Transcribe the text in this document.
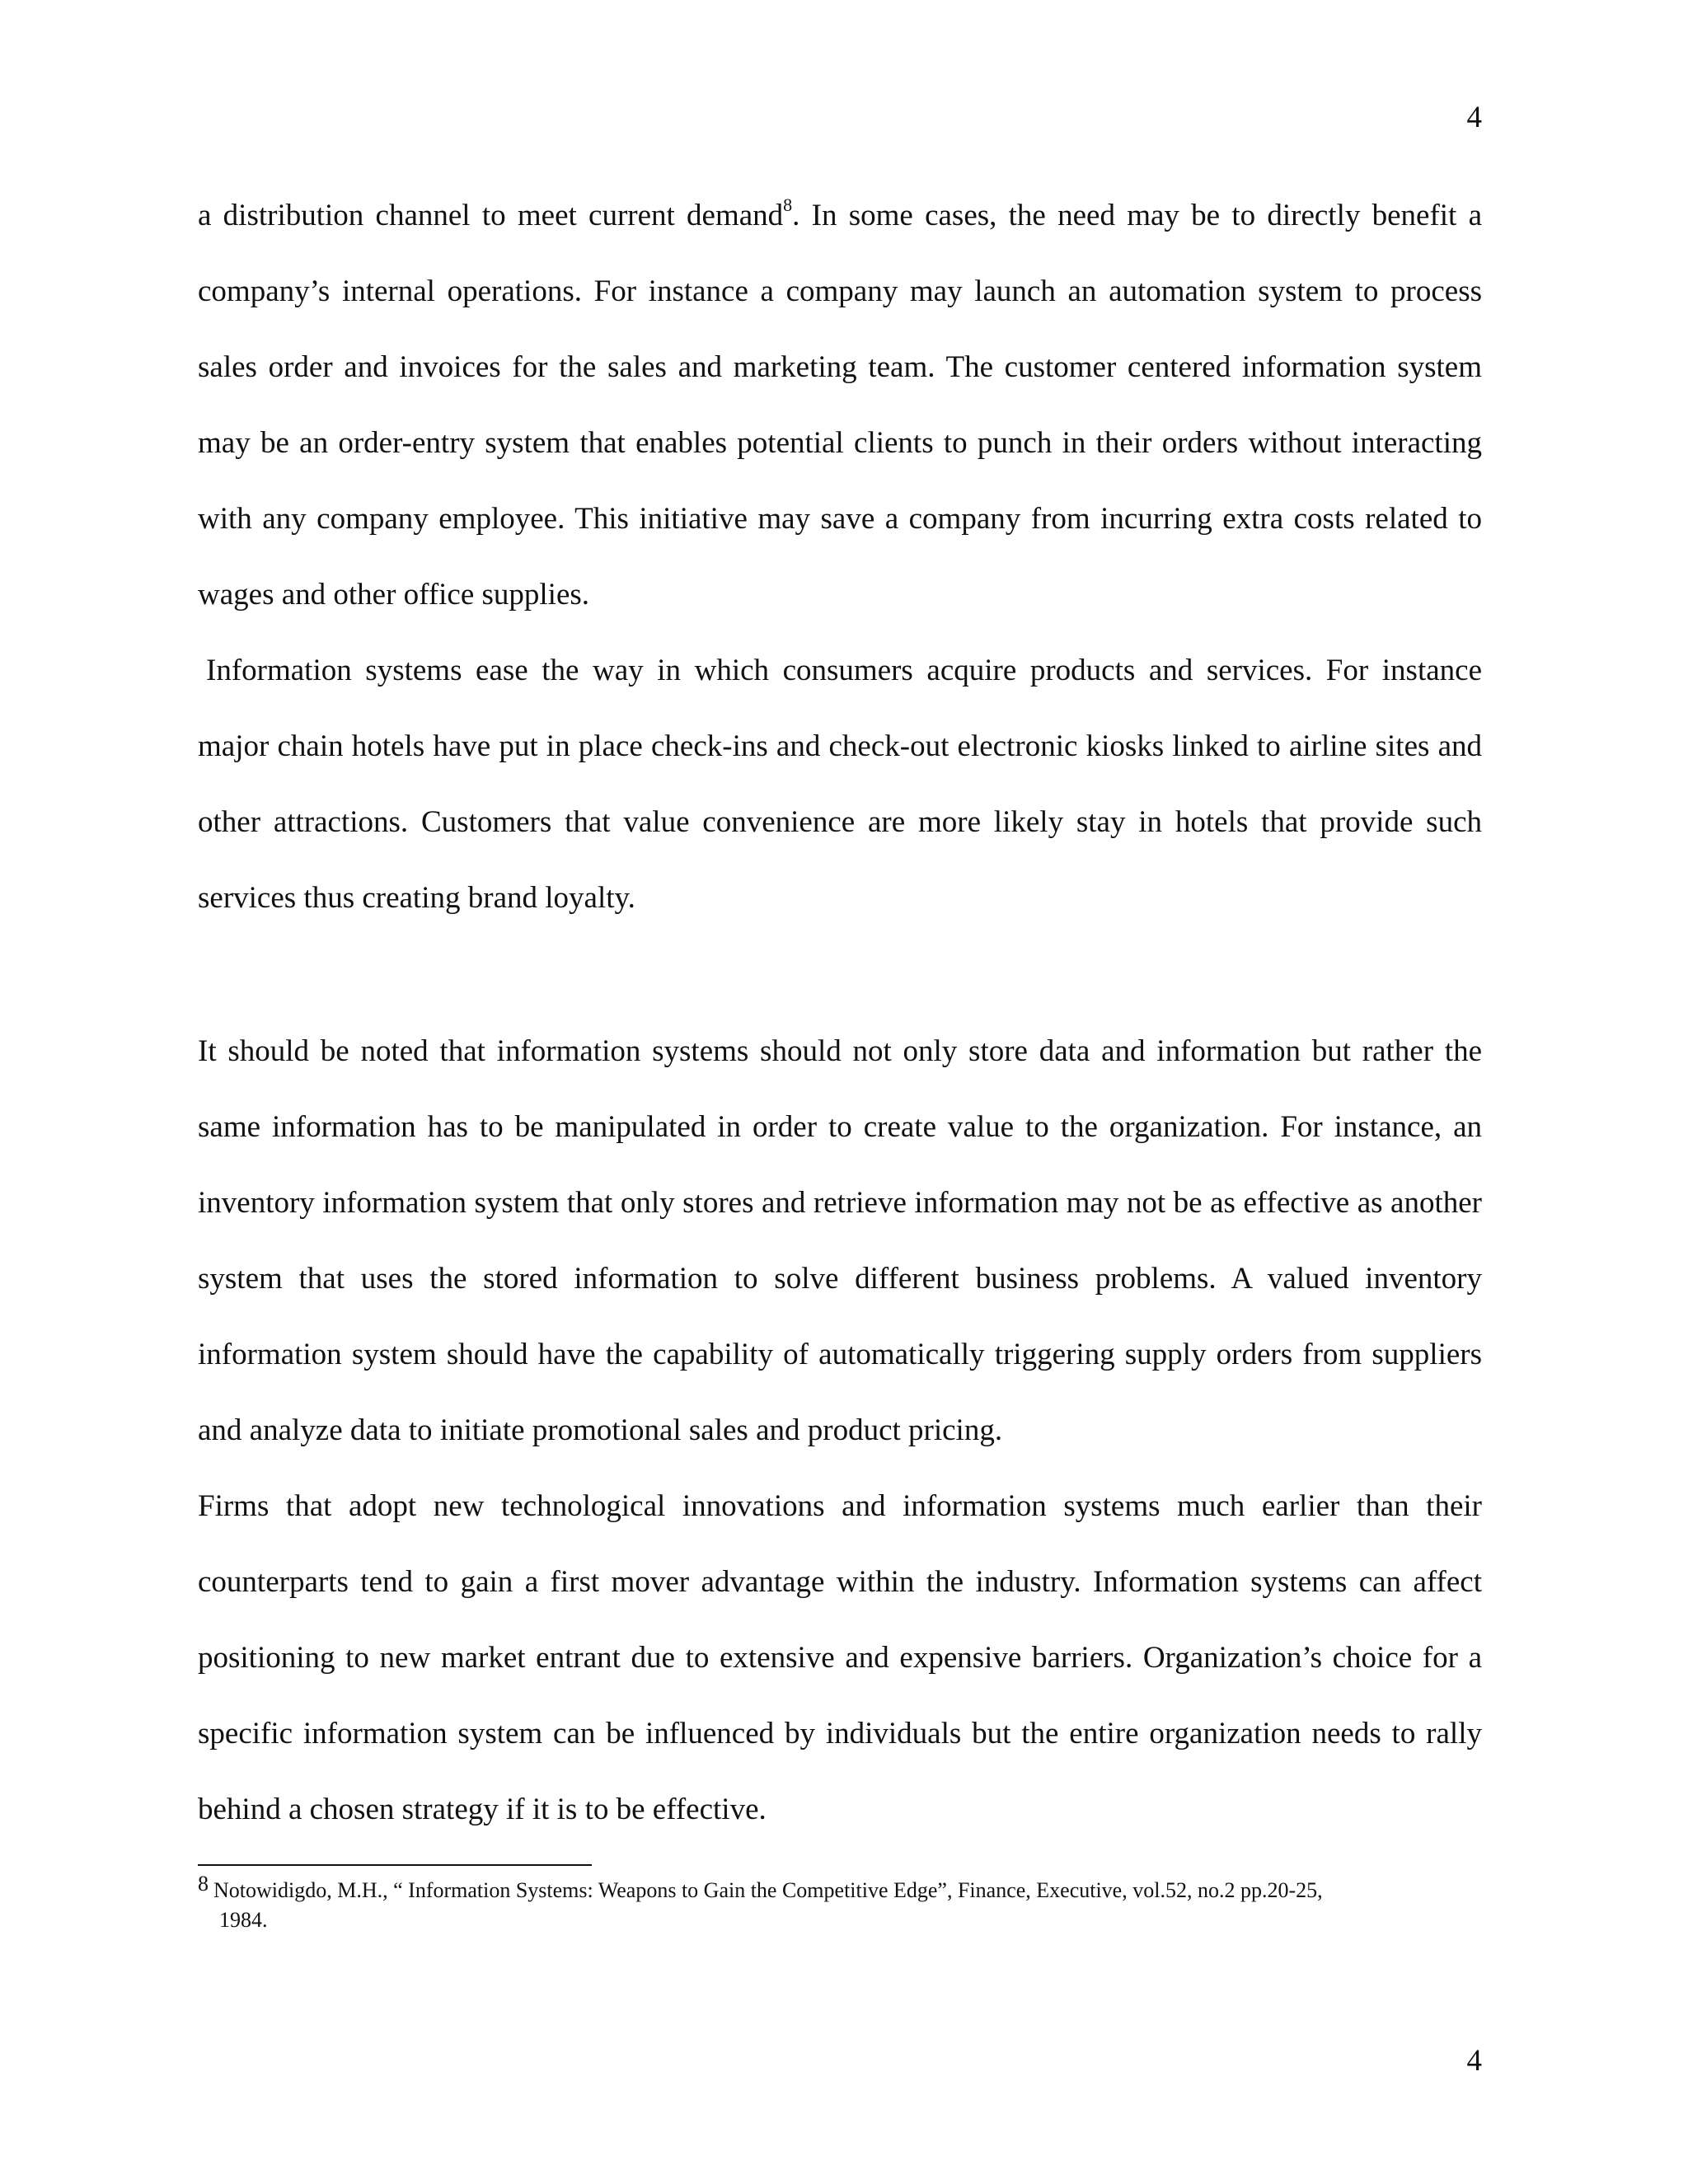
4

a distribution channel to meet current demand$^8$. In some cases, the need may be to directly benefit a company’s internal operations. For instance a company may launch an automation system to process sales order and invoices for the sales and marketing team. The customer centered information system may be an order-entry system that enables potential clients to punch in their orders without interacting with any company employee. This initiative may save a company from incurring extra costs related to wages and other office supplies.

Information systems ease the way in which consumers acquire products and services. For instance major chain hotels have put in place check-ins and check-out electronic kiosks linked to airline sites and other attractions. Customers that value convenience are more likely stay in hotels that provide such services thus creating brand loyalty.

It should be noted that information systems should not only store data and information but rather the same information has to be manipulated in order to create value to the organization. For instance, an inventory information system that only stores and retrieve information may not be as effective as another system that uses the stored information to solve different business problems. A valued inventory information system should have the capability of automatically triggering supply orders from suppliers and analyze data to initiate promotional sales and product pricing.

Firms that adopt new technological innovations and information systems much earlier than their counterparts tend to gain a first mover advantage within the industry. Information systems can affect positioning to new market entrant due to extensive and expensive barriers. Organization’s choice for a specific information system can be influenced by individuals but the entire organization needs to rally behind a chosen strategy if it is to be effective.

8 Notowidigdo, M.H., “ Information Systems: Weapons to Gain the Competitive Edge”, Finance, Executive, vol.52, no.2 pp.20-25,
1984.
4
